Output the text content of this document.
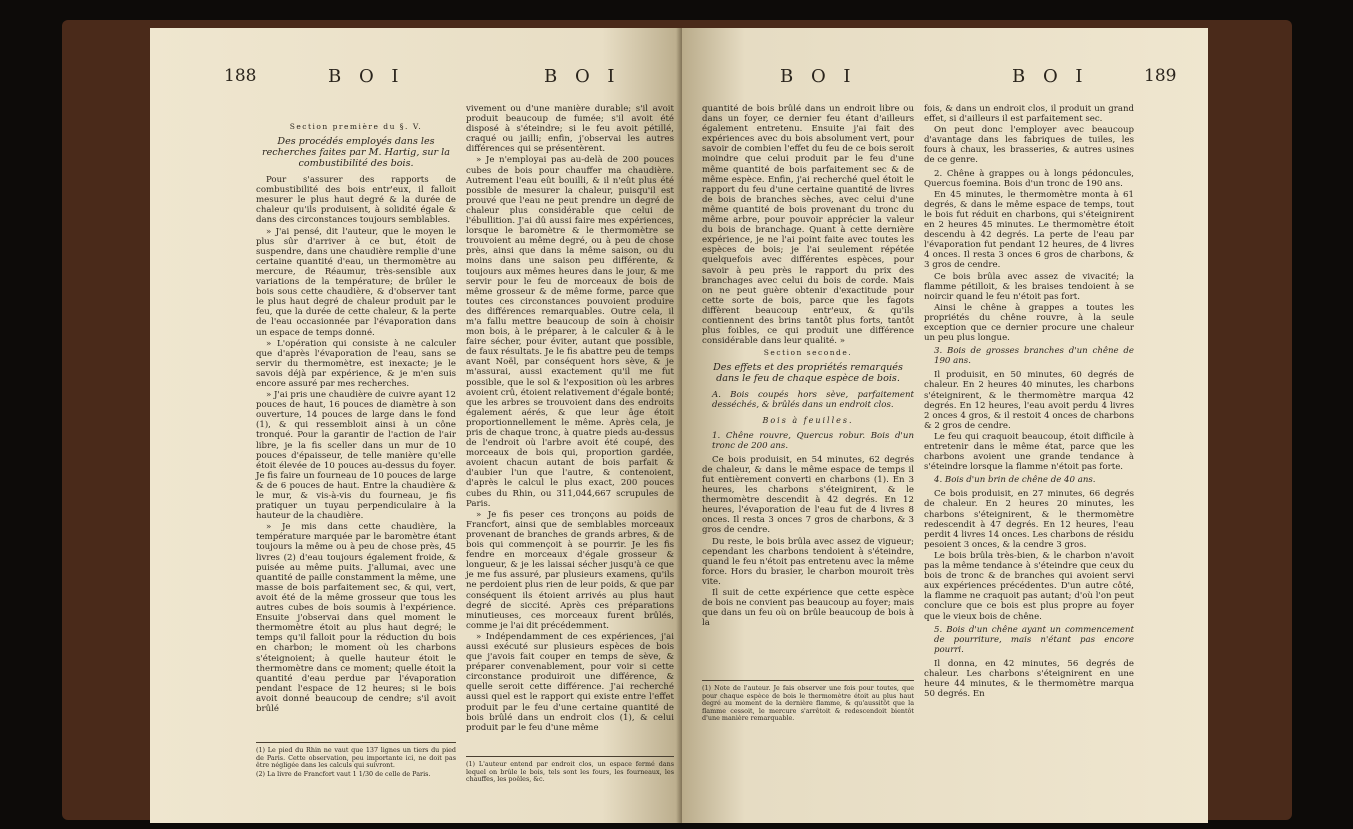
188	B O I	B O I

Section première du §. V.

Des procédés employés dans les recherches faites par M. Hartig, sur la combustibilité des bois.

Pour s'assurer des rapports de combustibilité des bois entr'eux, il falloit mesurer le plus haut degré & la durée de chaleur qu'ils produisent, à solidité égale & dans des circonstances toujours semblables.

» J'ai pensé, dit l'auteur, que le moyen le plus sûr d'arriver à ce but, étoit de suspendre, dans une chaudière remplie d'une certaine quantité d'eau, un thermomètre au mercure, de Réaumur, très-sensible aux variations de la température; de brûler le bois sous cette chaudière, & d'observer tant le plus haut degré de chaleur produit par le feu, que la durée de cette chaleur, & la perte de l'eau occasionnée par l'évaporation dans un espace de temps donné.

» L'opération qui consiste à ne calculer que d'après l'évaporation de l'eau, sans se servir du thermomètre, est inexacte; je le savois déjà par expérience, & je m'en suis encore assuré par mes recherches.

» J'ai pris une chaudière de cuivre ayant 12 pouces de haut, 16 pouces de diamètre à son ouverture, 14 pouces de large dans le fond (1), & qui ressembloit ainsi à un cône tronqué. Pour la garantir de l'action de l'air libre, je la fis sceller dans un mur de 10 pouces d'épaisseur, de telle manière qu'elle étoit élevée de 10 pouces au-dessus du foyer. Je fis faire un fourneau de 10 pouces de large & de 6 pouces de haut. Entre la chaudière & le mur, & vis-à-vis du fourneau, je fis pratiquer un tuyau perpendiculaire à la hauteur de la chaudière.

» Je mis dans cette chaudière, la température marquée par le baromètre étant toujours la même ou à peu de chose près, 45 livres (2) d'eau toujours également froide, & puisée au même puits. J'allumai, avec une quantité de paille constamment la même, une masse de bois parfaitement sec, & qui, vert, avoit été de la même grosseur que tous les autres cubes de bois soumis à l'expérience. Ensuite j'observai dans quel moment le thermomètre étoit au plus haut degré; le temps qu'il falloit pour la réduction du bois en charbon; le moment où les charbons s'éteignoient; à quelle hauteur étoit le thermomètre dans ce moment; quelle étoit la quantité d'eau perdue par l'évaporation pendant l'espace de 12 heures; si le bois avoit donné beaucoup de cendre; s'il avoit brûlé

(1) Le pied du Rhin ne vaut que 137 lignes un tiers du pied de Paris. Cette observation, peu importante ici, ne doit pas être négligée dans les calculs qui suivront.

(2) La livre de Francfort vaut 1 1/30 de celle de Paris.

vivement ou d'une manière durable; s'il avoit produit beaucoup de fumée; s'il avoit été disposé à s'éteindre; si le feu avoit pétillé, craqué ou jailli; enfin, j'observai les autres différences qui se présentèrent.

» Je n'employai pas au-delà de 200 pouces cubes de bois pour chauffer ma chaudière. Autrement l'eau eût bouilli, & il n'eût plus été possible de mesurer la chaleur, puisqu'il est prouvé que l'eau ne peut prendre un degré de chaleur plus considérable que celui de l'ébullition. J'ai dû aussi faire mes expériences, lorsque le baromètre & le thermomètre se trouvoient au même degré, ou à peu de chose près, ainsi que dans la même saison, ou du moins dans une saison peu différente, & toujours aux mêmes heures dans le jour, & me servir pour le feu de morceaux de bois de même grosseur & de même forme, parce que toutes ces circonstances pouvoient produire des différences remarquables. Outre cela, il m'a fallu mettre beaucoup de soin à choisir mon bois, à le préparer, à le calculer & à le faire sécher, pour éviter, autant que possible, de faux résultats. Je le fis abattre peu de temps avant Noël, par conséquent hors sève, & je m'assurai, aussi exactement qu'il me fut possible, que le sol & l'exposition où les arbres avoient crû, étoient relativement d'égale bonté; que les arbres se trouvoient dans des endroits également aérés, & que leur âge étoit proportionnellement le même. Après cela, je pris de chaque tronc, à quatre pieds au-dessus de l'endroit où l'arbre avoit été coupé, des morceaux de bois qui, proportion gardée, avoient chacun autant de bois parfait & d'aubier l'un que l'autre, & contenoient, d'après le calcul le plus exact, 200 pouces cubes du Rhin, ou 311,044,667 scrupules de Paris.

» Je fis peser ces tronçons au poids de Francfort, ainsi que de semblables morceaux provenant de branches de grands arbres, & de bois qui commençoit à se pourrir. Je les fis fendre en morceaux d'égale grosseur & longueur, & je les laissai sécher jusqu'à ce que je me fus assuré, par plusieurs examens, qu'ils ne perdoient plus rien de leur poids, & que par conséquent ils étoient arrivés au plus haut degré de siccité. Après ces préparations minutieuses, ces morceaux furent brûlés, comme je l'ai dit précédemment.

» Indépendamment de ces expériences, j'ai aussi exécuté sur plusieurs espèces de bois que j'avois fait couper en temps de sève, & préparer convenablement, pour voir si cette circonstance produiroit une différence, & quelle seroit cette différence. J'ai recherché aussi quel est le rapport qui existe entre l'effet produit par le feu d'une certaine quantité de bois brûlé dans un endroit clos (1), & celui produit par le feu d'une même

(1) L'auteur entend par endroit clos, un espace fermé dans lequel on brûle le bois, tels sont les fours, les fourneaux, les chauffes, les poêles, &c.

B O I	B O I	189

quantité de bois brûlé dans un endroit libre ou dans un foyer, ce dernier feu étant d'ailleurs également entretenu. Ensuite j'ai fait des expériences avec du bois absolument vert, pour savoir de combien l'effet du feu de ce bois seroit moindre que celui produit par le feu d'une même quantité de bois parfaitement sec & de même espèce. Enfin, j'ai recherché quel étoit le rapport du feu d'une certaine quantité de livres de bois de branches sèches, avec celui d'une même quantité de bois provenant du tronc du même arbre, pour pouvoir apprécier la valeur du bois de branchage. Quant à cette dernière expérience, je ne l'ai point faite avec toutes les espèces de bois; je l'ai seulement répétée quelquefois avec différentes espèces, pour savoir à peu près le rapport du prix des branchages avec celui du bois de corde. Mais on ne peut guère obtenir d'exactitude pour cette sorte de bois, parce que les fagots diffèrent beaucoup entr'eux, & qu'ils contiennent des brins tantôt plus forts, tantôt plus foibles, ce qui produit une différence considérable dans leur qualité. »

Section seconde.

Des effets et des propriétés remarqués dans le feu de chaque espèce de bois.

A. Bois coupés hors sève, parfaitement desséchés, & brûlés dans un endroit clos.

Bois à feuilles.

1. Chêne rouvre, Quercus robur. Bois d'un tronc de 200 ans.

Ce bois produisit, en 54 minutes, 62 degrés de chaleur, & dans le même espace de temps il fut entièrement converti en charbons (1). En 3 heures, les charbons s'éteignirent, & le thermomètre descendit à 42 degrés. En 12 heures, l'évaporation de l'eau fut de 4 livres 8 onces. Il resta 3 onces 7 gros de charbons, & 3 gros de cendre.

Du reste, le bois brûla avec assez de vigueur; cependant les charbons tendoient à s'éteindre, quand le feu n'étoit pas entretenu avec la même force. Hors du brasier, le charbon mouroit très vite.

Il suit de cette expérience que cette espèce de bois ne convient pas beaucoup au foyer; mais que dans un feu où on brûle beaucoup de bois à la

(1) Note de l'auteur. Je fais observer une fois pour toutes, que pour chaque espèce de bois le thermomètre étoit au plus haut degré au moment de la dernière flamme, & qu'aussitôt que la flamme cessoit, le mercure s'arrêtoit & redescendoit bientôt d'une manière remarquable.

fois, & dans un endroit clos, il produit un grand effet, si d'ailleurs il est parfaitement sec.

On peut donc l'employer avec beaucoup d'avantage dans les fabriques de tuiles, les fours à chaux, les brasseries, & autres usines de ce genre.

2. Chêne à grappes ou à longs pédoncules, Quercus foemina. Bois d'un tronc de 190 ans.

En 45 minutes, le thermomètre monta à 61 degrés, & dans le même espace de temps, tout le bois fut réduit en charbons, qui s'éteignirent en 2 heures 45 minutes. Le thermomètre étoit descendu à 42 degrés. La perte de l'eau par l'évaporation fut pendant 12 heures, de 4 livres 4 onces. Il resta 3 onces 6 gros de charbons, & 3 gros de cendre.

Ce bois brûla avec assez de vivacité; la flamme pétilloit, & les braises tendoient à se noircir quand le feu n'étoit pas fort.

Ainsi le chêne à grappes a toutes les propriétés du chêne rouvre, à la seule exception que ce dernier procure une chaleur un peu plus longue.

3. Bois de grosses branches d'un chêne de 190 ans.

Il produisit, en 50 minutes, 60 degrés de chaleur. En 2 heures 40 minutes, les charbons s'éteignirent, & le thermomètre marqua 42 degrés. En 12 heures, l'eau avoit perdu 4 livres 2 onces 4 gros, & il restoit 4 onces de charbons & 2 gros de cendre.

Le feu qui craquoit beaucoup, étoit difficile à entretenir dans le même état, parce que les charbons avoient une grande tendance à s'éteindre lorsque la flamme n'étoit pas forte.

4. Bois d'un brin de chêne de 40 ans.

Ce bois produisit, en 27 minutes, 66 degrés de chaleur. En 2 heures 20 minutes, les charbons s'éteignirent, & le thermomètre redescendit à 47 degrés. En 12 heures, l'eau perdit 4 livres 14 onces. Les charbons de résidu pesoient 3 onces, & la cendre 3 gros.

Le bois brûla très-bien, & le charbon n'avoit pas la même tendance à s'éteindre que ceux du bois de tronc & de branches qui avoient servi aux expériences précédentes. D'un autre côté, la flamme ne craquoit pas autant; d'où l'on peut conclure que ce bois est plus propre au foyer que le vieux bois de chêne.

5. Bois d'un chêne ayant un commencement de pourriture, mais n'étant pas encore pourri.

Il donna, en 42 minutes, 56 degrés de chaleur. Les charbons s'éteignirent en une heure 44 minutes, & le thermomètre marqua 50 degrés. En
